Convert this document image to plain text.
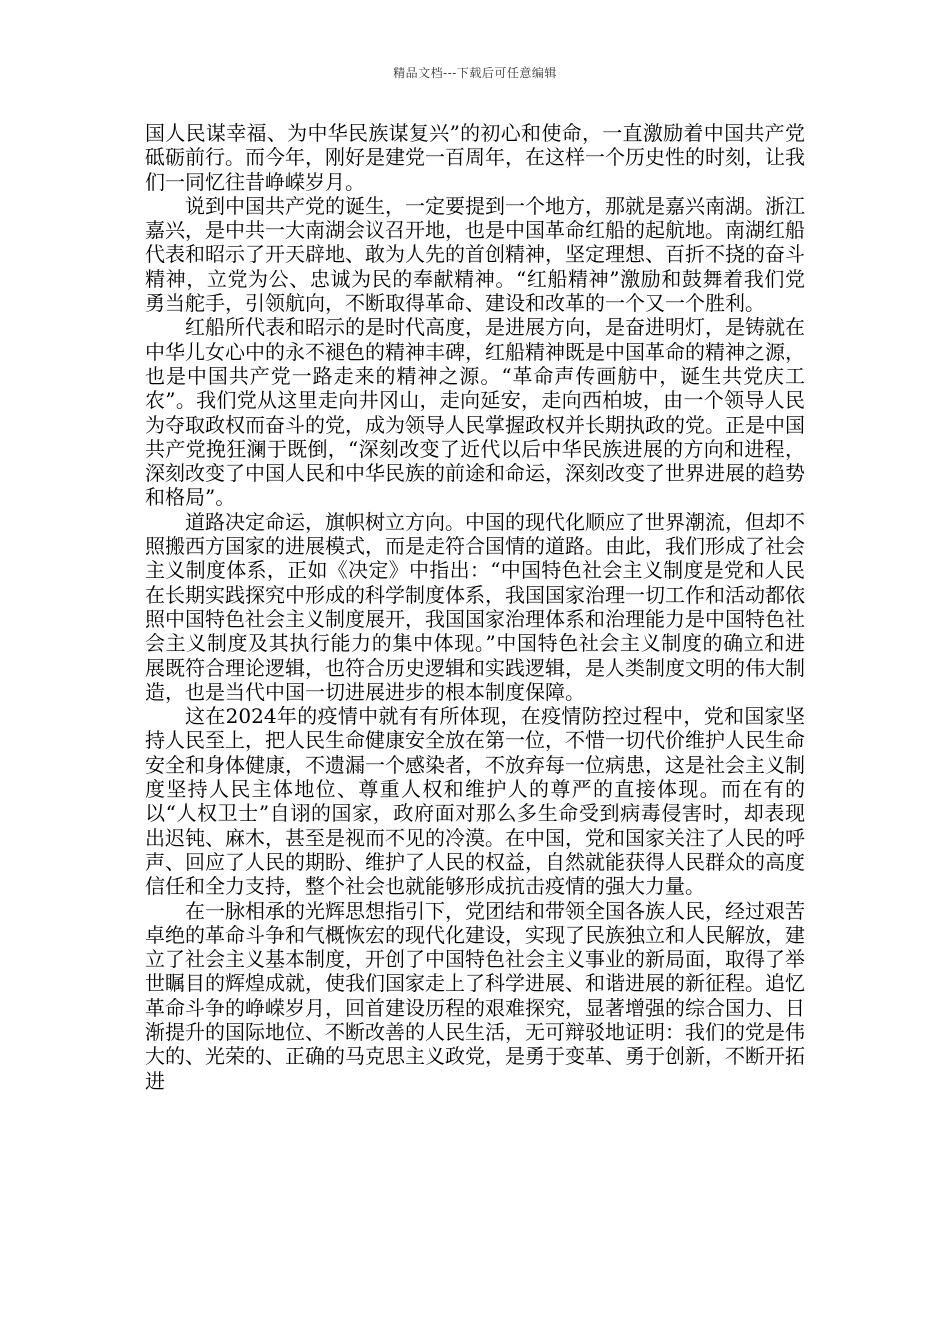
精品文档---下载后可任意编辑

国人民谋幸福、为中华民族谋复兴”的初心和使命，一直激励着中国共产党砥砺前行。而今年，刚好是建党一百周年，在这样一个历史性的时刻，让我们一同忆往昔峥嵘岁月。

说到中国共产党的诞生，一定要提到一个地方，那就是嘉兴南湖。浙江嘉兴，是中共一大南湖会议召开地，也是中国革命红船的起航地。南湖红船代表和昭示了开天辟地、敢为人先的首创精神，坚定理想、百折不挠的奋斗精神，立党为公、忠诚为民的奉献精神。“红船精神”激励和鼓舞着我们党勇当舵手，引领航向，不断取得革命、建设和改革的一个又一个胜利。

红船所代表和昭示的是时代高度，是进展方向，是奋进明灯，是铸就在中华儿女心中的永不褪色的精神丰碑，红船精神既是中国革命的精神之源，也是中国共产党一路走来的精神之源。“革命声传画舫中，诞生共党庆工农”。我们党从这里走向井冈山，走向延安，走向西柏坡，由一个领导人民为夺取政权而奋斗的党，成为领导人民掌握政权并长期执政的党。正是中国共产党挽狂澜于既倒，“深刻改变了近代以后中华民族进展的方向和进程，深刻改变了中国人民和中华民族的前途和命运，深刻改变了世界进展的趋势和格局”。

道路决定命运，旗帜树立方向。中国的现代化顺应了世界潮流，但却不照搬西方国家的进展模式，而是走符合国情的道路。由此，我们形成了社会主义制度体系，正如《决定》中指出：“中国特色社会主义制度是党和人民在长期实践探究中形成的科学制度体系，我国国家治理一切工作和活动都依照中国特色社会主义制度展开，我国国家治理体系和治理能力是中国特色社会主义制度及其执行能力的集中体现。”中国特色社会主义制度的确立和进展既符合理论逻辑，也符合历史逻辑和实践逻辑，是人类制度文明的伟大制造，也是当代中国一切进展进步的根本制度保障。

这在2024年的疫情中就有有所体现，在疫情防控过程中，党和国家坚持人民至上，把人民生命健康安全放在第一位，不惜一切代价维护人民生命安全和身体健康，不遗漏一个感染者，不放弃每一位病患，这是社会主义制度坚持人民主体地位、尊重人权和维护人的尊严的直接体现。而在有的以“人权卫士”自诩的国家，政府面对那么多生命受到病毒侵害时，却表现出迟钝、麻木，甚至是视而不见的冷漠。在中国，党和国家关注了人民的呼声、回应了人民的期盼、维护了人民的权益，自然就能获得人民群众的高度信任和全力支持，整个社会也就能够形成抗击疫情的强大力量。

在一脉相承的光辉思想指引下，党团结和带领全国各族人民，经过艰苦卓绝的革命斗争和气概恢宏的现代化建设，实现了民族独立和人民解放，建立了社会主义基本制度，开创了中国特色社会主义事业的新局面，取得了举世瞩目的辉煌成就，使我们国家走上了科学进展、和谐进展的新征程。追忆革命斗争的峥嵘岁月，回首建设历程的艰难探究，显著增强的综合国力、日渐提升的国际地位、不断改善的人民生活，无可辩驳地证明：我们的党是伟大的、光荣的、正确的马克思主义政党，是勇于变革、勇于创新，不断开拓进
